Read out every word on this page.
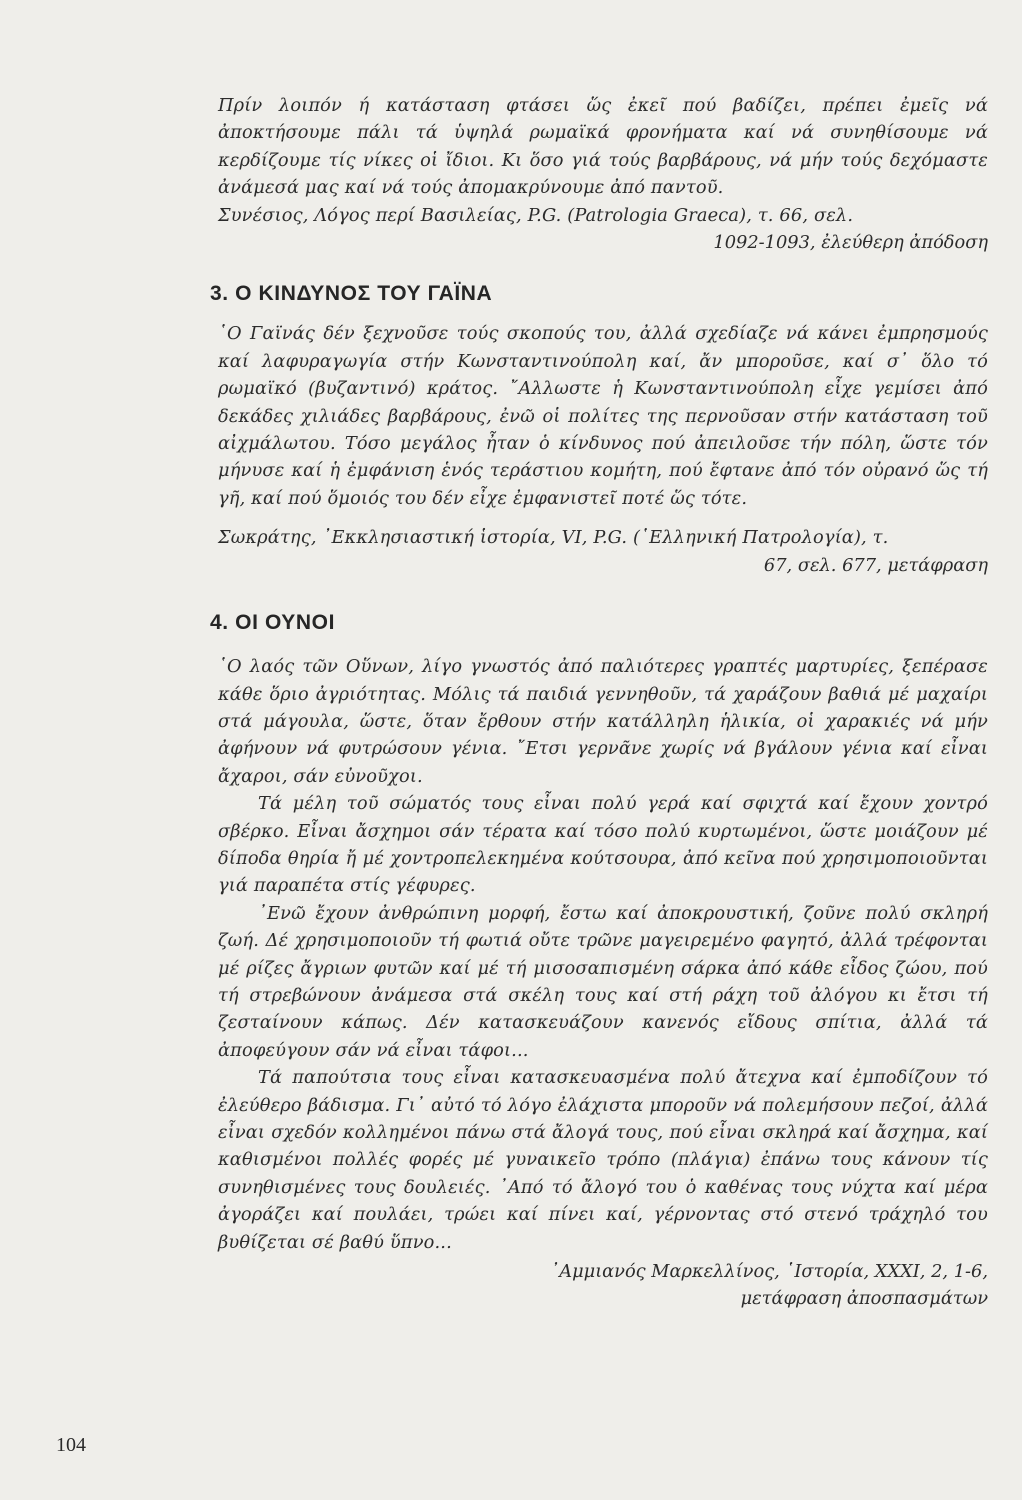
Πρίν λοιπόν ή κατάσταση φτάσει ὥς ἐκεῖ πού βαδίζει, πρέπει ἐμεῖς νά ἀποκτήσουμε πάλι τά ὑψηλά ρωμαϊκά φρονήματα καί νά συνηθίσουμε νά κερδίζουμε τίς νίκες οἱ ἴδιοι. Κι ὅσο γιά τούς βαρβάρους, νά μήν τούς δεχόμαστε ἀνάμεσά μας καί νά τούς ἀπομακρύνουμε ἀπό παντοῦ.

Συνέσιος, Λόγος περί Βασιλείας, P.G. (Patrologia Graeca), τ. 66, σελ.

1092-1093, ἐλεύθερη ἀπόδοση

3. Ο ΚΙΝΔΥΝΟΣ ΤΟΥ ΓΑΪΝΑ

῾Ο Γαϊνάς δέν ξεχνοῦσε τούς σκοπούς του, ἀλλά σχεδίαζε νά κάνει ἐμπρησμούς καί λαφυραγωγία στήν Κωνσταντινούπολη καί, ἄν μποροῦσε, καί σ᾽ ὅλο τό ρωμαϊκό (βυζαντινό) κράτος. ῎Αλλωστε ἡ Κωνσταντινούπολη εἶχε γεμίσει ἀπό δεκάδες χιλιάδες βαρβάρους, ἐνῶ οἱ πολίτες της περνοῦσαν στήν κατάσταση τοῦ αἰχμάλωτου. Τόσο μεγάλος ἦταν ὁ κίνδυνος πού ἀπειλοῦσε τήν πόλη, ὥστε τόν μήνυσε καί ἡ ἐμφάνιση ἑνός τεράστιου κομήτη, πού ἔφτανε ἀπό τόν οὐρανό ὥς τή γῆ, καί πού ὅμοιός του δέν εἶχε ἐμφανιστεῖ ποτέ ὥς τότε.

Σωκράτης, ᾽Εκκλησιαστική ἱστορία, VI, P.G. (῾Ελληνική Πατρολογία), τ.

67, σελ. 677, μετάφραση

4. ΟΙ ΟΥΝΟΙ

῾Ο λαός τῶν Οὕνων, λίγο γνωστός ἀπό παλιότερες γραπτές μαρτυρίες, ξεπέρασε κάθε ὅριο ἀγριότητας. Μόλις τά παιδιά γεννηθοῦν, τά χαράζουν βαθιά μέ μαχαίρι στά μάγουλα, ὥστε, ὅταν ἔρθουν στήν κατάλληλη ἡλικία, οἱ χαρακιές νά μήν ἀφήνουν νά φυτρώσουν γένια. ῎Ετσι γερνᾶνε χωρίς νά βγάλουν γένια καί εἶναι ἄχαροι, σάν εὐνοῦχοι.

Τά μέλη τοῦ σώματός τους εἶναι πολύ γερά καί σφιχτά καί ἔχουν χοντρό σβέρκο. Εἶναι ἄσχημοι σάν τέρατα καί τόσο πολύ κυρτωμένοι, ὥστε μοιάζουν μέ δίποδα θηρία ἤ μέ χοντροπελεκημένα κούτσουρα, ἀπό κεῖνα πού χρησιμοποιοῦνται γιά παραπέτα στίς γέφυρες.

᾽Ενῶ ἔχουν ἀνθρώπινη μορφή, ἔστω καί ἀποκρουστική, ζοῦνε πολύ σκληρή ζωή. Δέ χρησιμοποιοῦν τή φωτιά οὔτε τρῶνε μαγειρεμένο φαγητό, ἀλλά τρέφονται μέ ρίζες ἄγριων φυτῶν καί μέ τή μισοσαπισμένη σάρκα ἀπό κάθε εἶδος ζώου, πού τή στρεβώνουν ἀνάμεσα στά σκέλη τους καί στή ράχη τοῦ ἀλόγου κι ἔτσι τή ζεσταίνουν κάπως. Δέν κατασκευάζουν κανενός εἴδους σπίτια, ἀλλά τά ἀποφεύγουν σάν νά εἶναι τάφοι...

Τά παπούτσια τους εἶναι κατασκευασμένα πολύ ἄτεχνα καί ἐμποδίζουν τό ἐλεύθερο βάδισμα. Γι᾽ αὐτό τό λόγο ἐλάχιστα μποροῦν νά πολεμήσουν πεζοί, ἀλλά εἶναι σχεδόν κολλημένοι πάνω στά ἄλογά τους, πού εἶναι σκληρά καί ἄσχημα, καί καθισμένοι πολλές φορές μέ γυναικεῖο τρόπο (πλάγια) ἐπάνω τους κάνουν τίς συνηθισμένες τους δουλειές. ᾽Από τό ἄλογό του ὁ καθένας τους νύχτα καί μέρα ἀγοράζει καί πουλάει, τρώει καί πίνει καί, γέρνοντας στό στενό τράχηλό του βυθίζεται σέ βαθύ ὕπνο...

᾽Αμμιανός Μαρκελλίνος, ῾Ιστορία, XXXI, 2, 1-6,

μετάφραση ἀποσπασμάτων

104
